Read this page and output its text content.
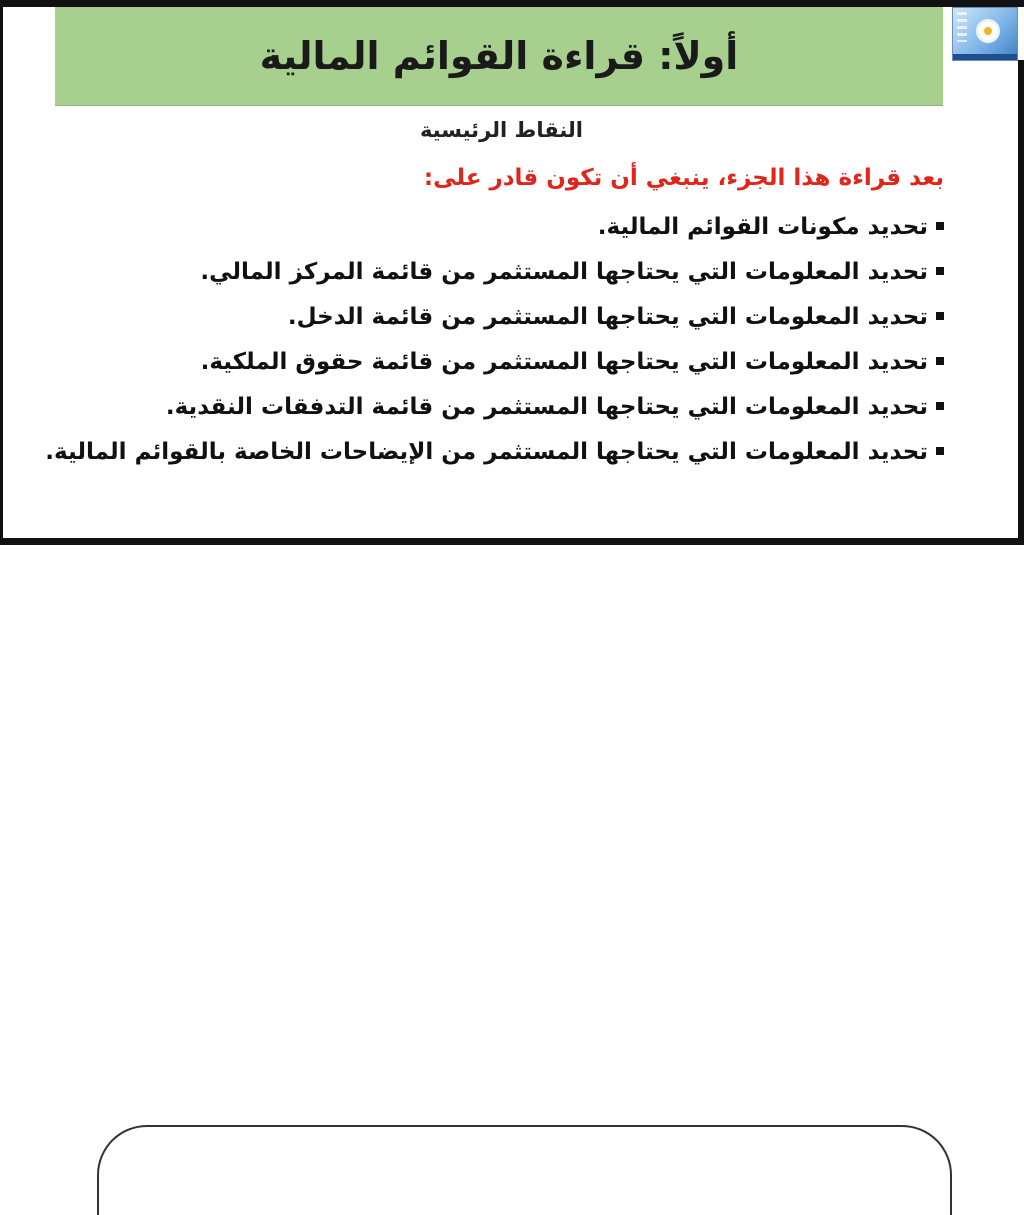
أولاً: قراءة القوائم المالية
النقاط الرئيسية
بعد قراءة هذا الجزء، ينبغي أن تكون قادر على:
تحديد مكونات القوائم المالية.
تحديد المعلومات التي يحتاجها المستثمر من قائمة المركز المالي.
تحديد المعلومات التي يحتاجها المستثمر من قائمة الدخل.
تحديد المعلومات التي يحتاجها المستثمر من قائمة حقوق الملكية.
تحديد المعلومات التي يحتاجها المستثمر من قائمة التدفقات النقدية.
تحديد المعلومات التي يحتاجها المستثمر من الإيضاحات الخاصة بالقوائم المالية.
